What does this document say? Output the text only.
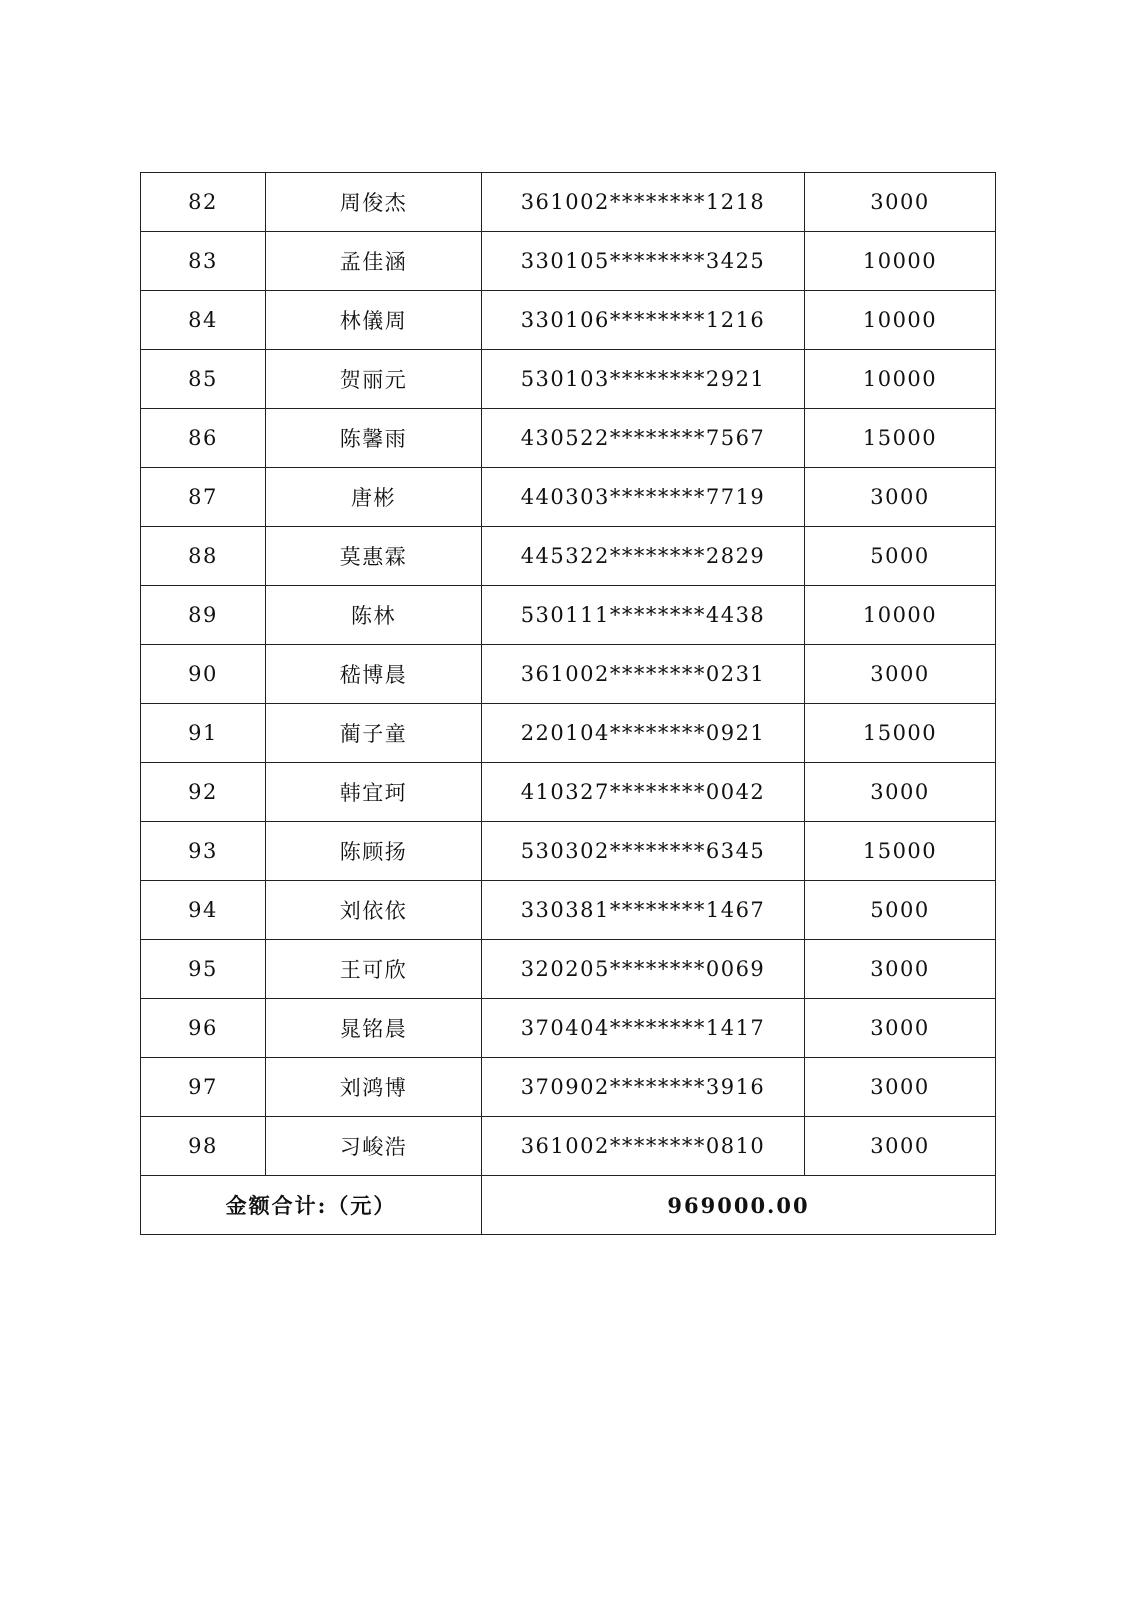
82	周俊杰	361002********1218	3000
83	孟佳涵	330105********3425	10000
84	林儀周	330106********1216	10000
85	贺丽元	530103********2921	10000
86	陈馨雨	430522********7567	15000
87	唐彬	440303********7719	3000
88	莫惠霖	445322********2829	5000
89	陈林	530111********4438	10000
90	嵇博晨	361002********0231	3000
91	蔺子童	220104********0921	15000
92	韩宜珂	410327********0042	3000
93	陈顾扬	530302********6345	15000
94	刘依依	330381********1467	5000
95	王可欣	320205********0069	3000
96	晁铭晨	370404********1417	3000
97	刘鸿博	370902********3916	3000
98	习峻浩	361002********0810	3000
金额合计:（元）		969000.00	
